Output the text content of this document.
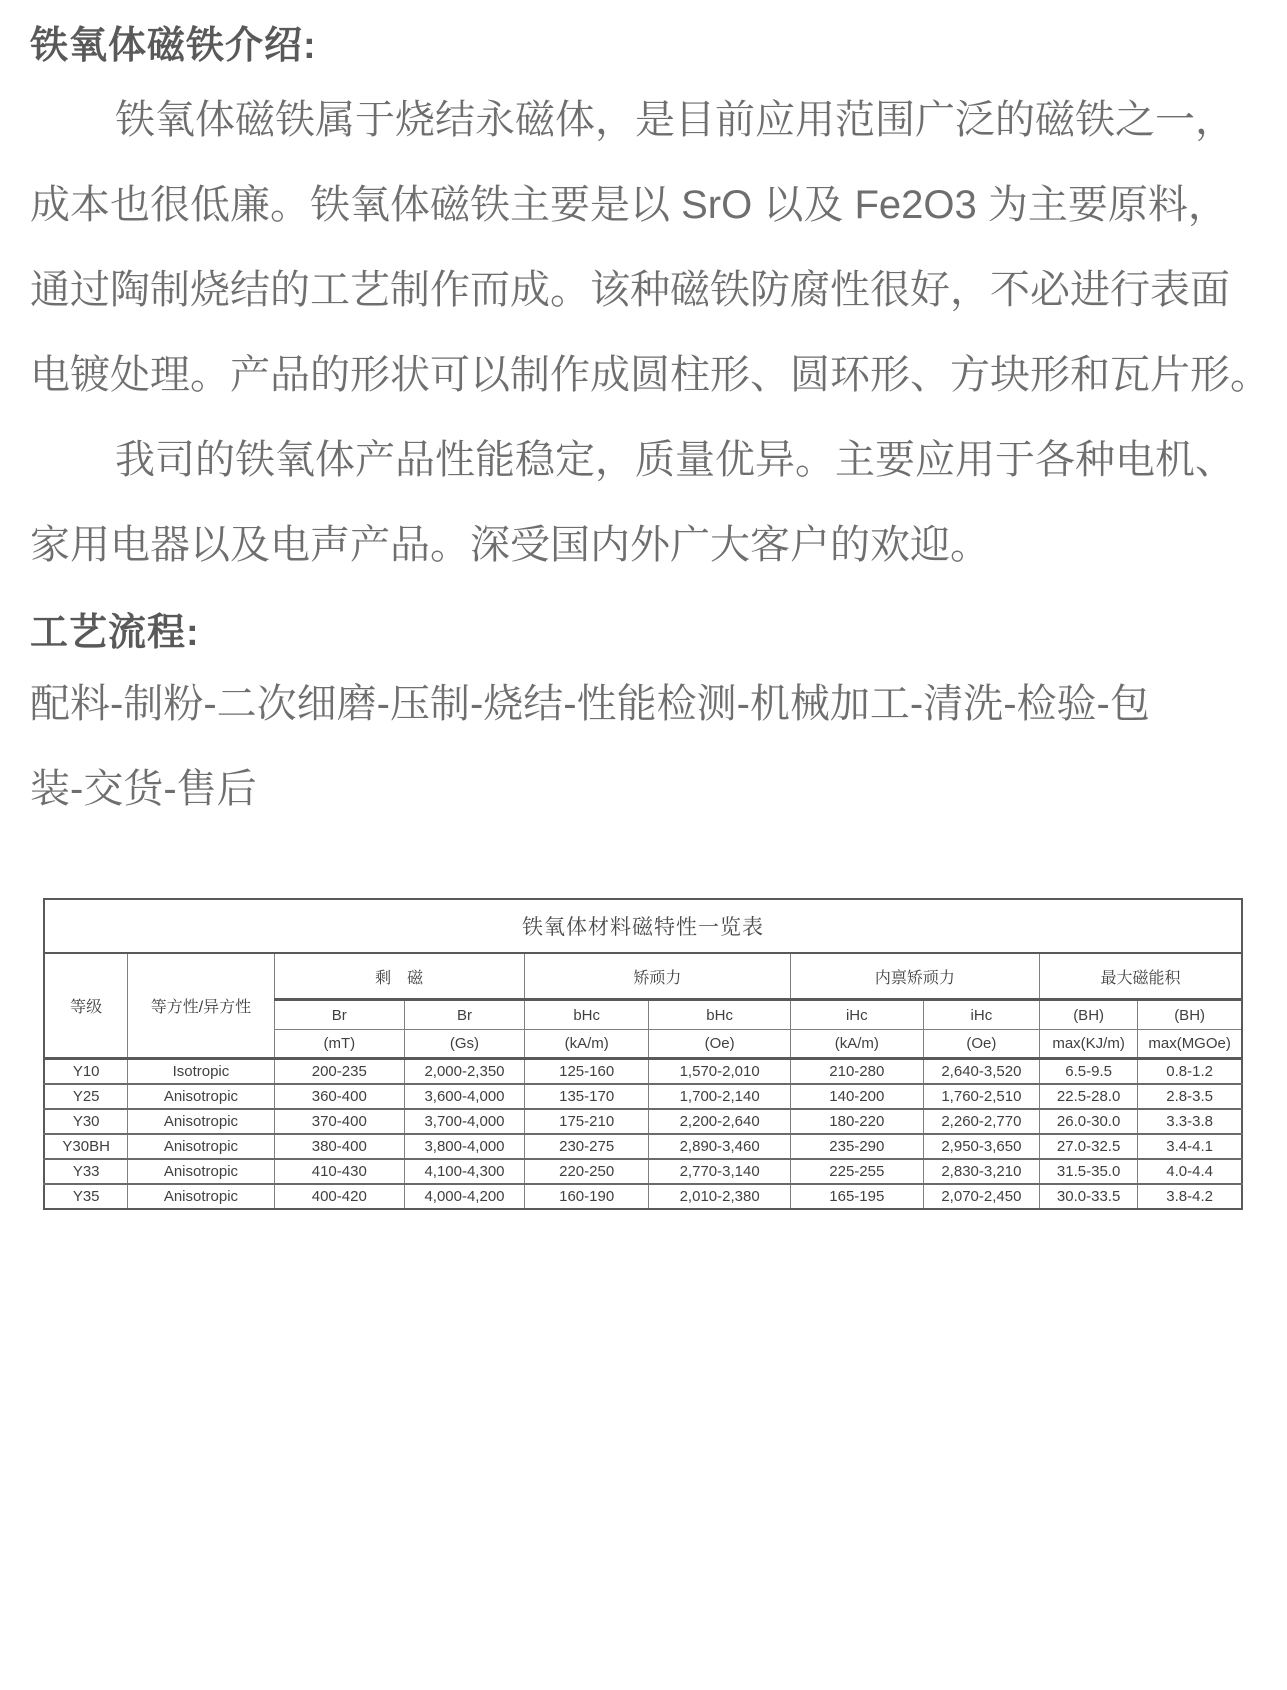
铁氧体磁铁介绍:
铁氧体磁铁属于烧结永磁体，是目前应用范围广泛的磁铁之一，
成本也很低廉。铁氧体磁铁主要是以 SrO 以及 Fe2O3 为主要原料，
通过陶制烧结的工艺制作而成。该种磁铁防腐性很好，不必进行表面
电镀处理。产品的形状可以制作成圆柱形、圆环形、方块形和瓦片形。
我司的铁氧体产品性能稳定，质量优异。主要应用于各种电机、
家用电器以及电声产品。深受国内外广大客户的欢迎。
工艺流程:
配料-制粉-二次细磨-压制-烧结-性能检测-机械加工-清洗-检验-包
装-交货-售后
铁氧体材料磁特性一览表									
等级	等方性/异方性	剩　磁		矫顽力		内禀矫顽力		最大磁能积	
		Br	Br	bHc	bHc	iHc	iHc	(BH)	(BH)
		(mT)	(Gs)	(kA/m)	(Oe)	(kA/m)	(Oe)	max(KJ/m)	max(MGOe)
Y10	Isotropic	200-235	2,000-2,350	125-160	1,570-2,010	210-280	2,640-3,520	6.5-9.5	0.8-1.2
Y25	Anisotropic	360-400	3,600-4,000	135-170	1,700-2,140	140-200	1,760-2,510	22.5-28.0	2.8-3.5
Y30	Anisotropic	370-400	3,700-4,000	175-210	2,200-2,640	180-220	2,260-2,770	26.0-30.0	3.3-3.8
Y30BH	Anisotropic	380-400	3,800-4,000	230-275	2,890-3,460	235-290	2,950-3,650	27.0-32.5	3.4-4.1
Y33	Anisotropic	410-430	4,100-4,300	220-250	2,770-3,140	225-255	2,830-3,210	31.5-35.0	4.0-4.4
Y35	Anisotropic	400-420	4,000-4,200	160-190	2,010-2,380	165-195	2,070-2,450	30.0-33.5	3.8-4.2
